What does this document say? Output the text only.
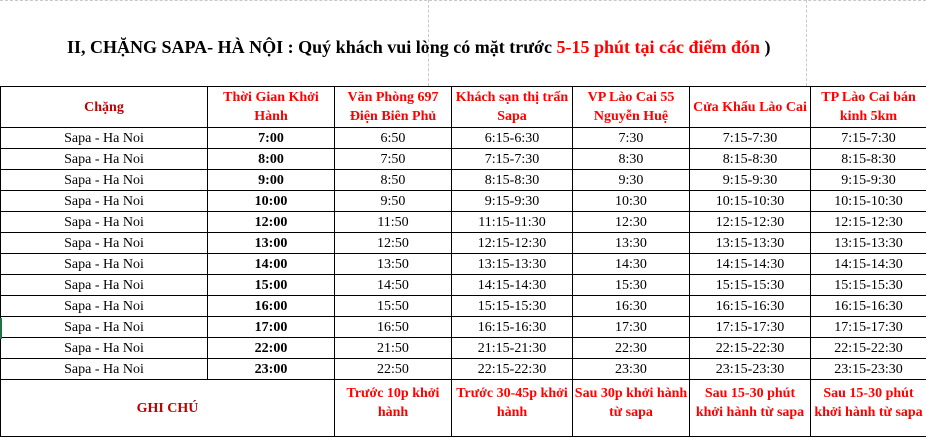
II, CHẶNG SAPA- HÀ NỘI : Quý khách vui lòng có mặt trước 5-15 phút tại các điểm đón )
Chặng	Thời Gian Khởi Hành	Văn Phòng 697 Điện Biên Phủ	Khách sạn thị trấn Sapa	VP Lào Cai 55 Nguyễn Huệ	Cửa Khẩu Lào Cai	TP Lào Cai bán kinh 5km
Sapa - Ha Noi	7:00	6:50	6:15-6:30	7:30	7:15-7:30	7:15-7:30
Sapa - Ha Noi	8:00	7:50	7:15-7:30	8:30	8:15-8:30	8:15-8:30
Sapa - Ha Noi	9:00	8:50	8:15-8:30	9:30	9:15-9:30	9:15-9:30
Sapa - Ha Noi	10:00	9:50	9:15-9:30	10:30	10:15-10:30	10:15-10:30
Sapa - Ha Noi	12:00	11:50	11:15-11:30	12:30	12:15-12:30	12:15-12:30
Sapa - Ha Noi	13:00	12:50	12:15-12:30	13:30	13:15-13:30	13:15-13:30
Sapa - Ha Noi	14:00	13:50	13:15-13:30	14:30	14:15-14:30	14:15-14:30
Sapa - Ha Noi	15:00	14:50	14:15-14:30	15:30	15:15-15:30	15:15-15:30
Sapa - Ha Noi	16:00	15:50	15:15-15:30	16:30	16:15-16:30	16:15-16:30
Sapa - Ha Noi	17:00	16:50	16:15-16:30	17:30	17:15-17:30	17:15-17:30
Sapa - Ha Noi	22:00	21:50	21:15-21:30	22:30	22:15-22:30	22:15-22:30
Sapa - Ha Noi	23:00	22:50	22:15-22:30	23:30	23:15-23:30	23:15-23:30
GHI CHÚ		Trước 10p khởi hành	Trước 30-45p khởi hành	Sau 30p khởi hành từ sapa	Sau 15-30 phút khởi hành từ sapa	Sau 15-30 phút khởi hành từ sapa
